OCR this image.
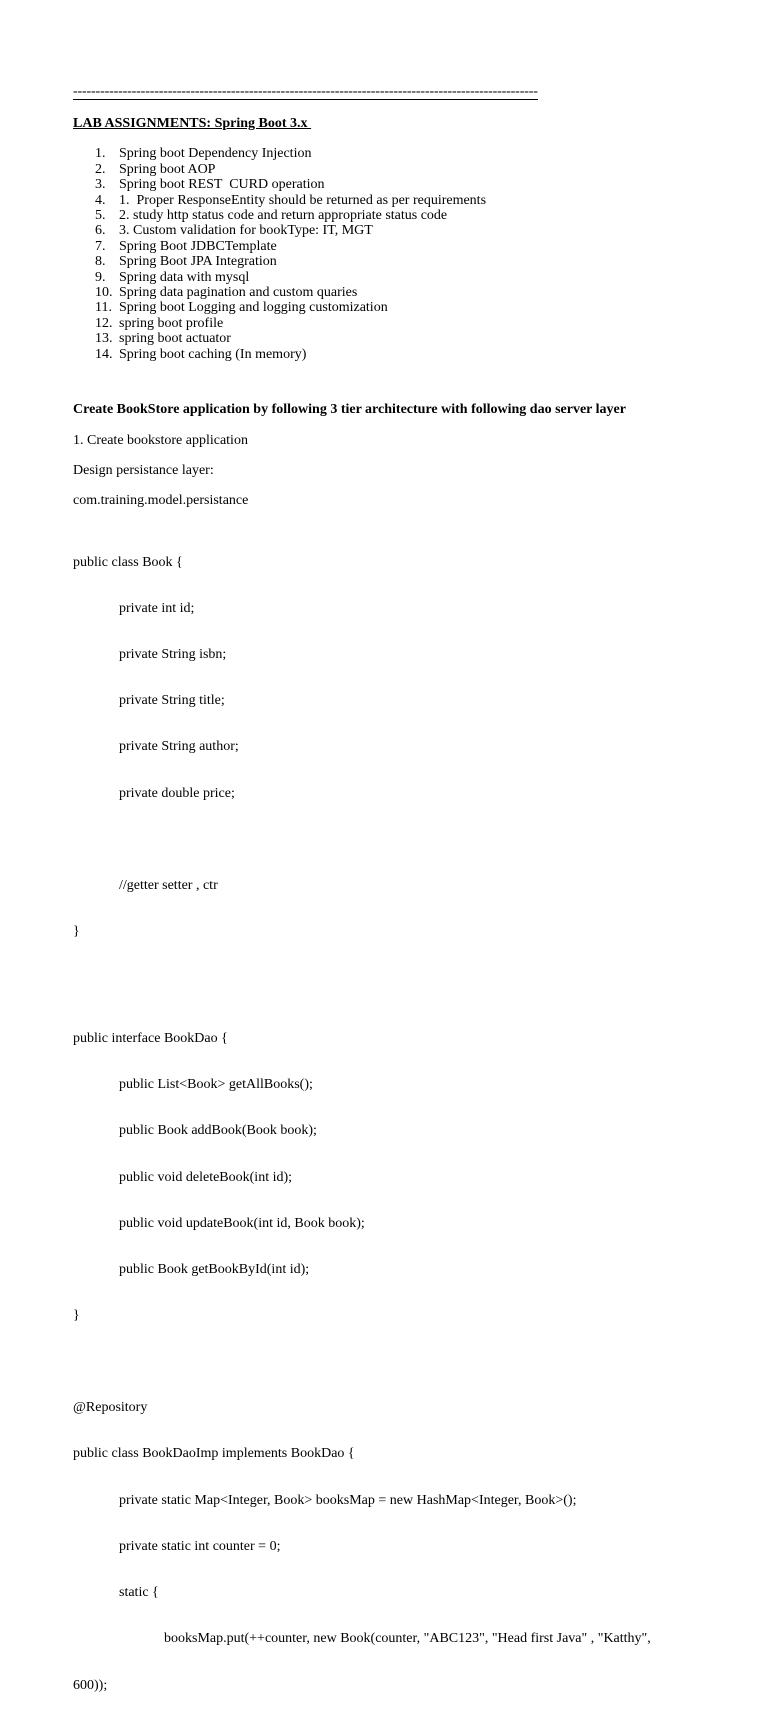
-------------------------------------------------------------------------------------------------------
LAB ASSIGNMENTS: Spring Boot 3.x
1. Spring boot Dependency Injection
2. Spring boot AOP
3. Spring boot REST  CURD operation
4. 1.  Proper ResponseEntity should be returned as per requirements
5. 2. study http status code and return appropriate status code
6. 3. Custom validation for bookType: IT, MGT
7. Spring Boot JDBCTemplate
8. Spring Boot JPA Integration
9. Spring data with mysql
10. Spring data pagination and custom quaries
11. Spring boot Logging and logging customization
12. spring boot profile
13. spring boot actuator
14. Spring boot caching (In memory)
Create BookStore application by following 3 tier architecture with following dao server layer
1. Create bookstore application
Design persistance layer:
com.training.model.persistance

public class Book {

private int id;

private String isbn;

private String title;

private String author;

private double price;

//getter setter , ctr

}

public interface BookDao {

public List<Book> getAllBooks();

public Book addBook(Book book);

public void deleteBook(int id);

public void updateBook(int id, Book book);

public Book getBookById(int id);

}

@Repository

public class BookDaoImp implements BookDao {

private static Map<Integer, Book> booksMap = new HashMap<Integer, Book>();

private static int counter = 0;

static {

booksMap.put(++counter, new Book(counter, "ABC123", "Head first Java" , "Katthy",

600));
